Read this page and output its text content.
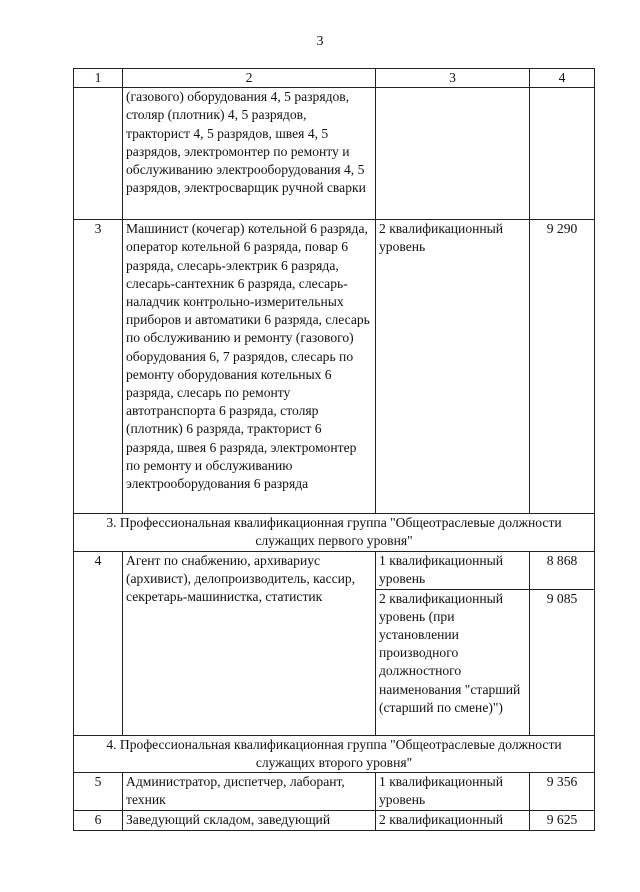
3
1	2	3	4
	(газового) оборудования 4, 5 разрядов, столяр (плотник) 4, 5 разрядов, тракторист 4, 5 разрядов, швея 4, 5 разрядов, электромонтер по ремонту и обслуживанию электрооборудования 4, 5 разрядов, электросварщик ручной сварки		
3	Машинист (кочегар) котельной 6 разряда, оператор котельной 6 разряда, повар 6 разряда, слесарь-электрик 6 разряда, слесарь-сантехник 6 разряда, слесарь-наладчик контрольно-измерительных приборов и автоматики 6 разряда, слесарь по обслуживанию и ремонту (газового) оборудования 6, 7 разрядов, слесарь по ремонту оборудования котельных 6 разряда, слесарь по ремонту автотранспорта 6 разряда, столяр (плотник) 6 разряда, тракторист 6 разряда, швея 6 разряда, электромонтер по ремонту и обслуживанию электрооборудования 6 разряда	2 квалификационный уровень	9 290
3. Профессиональная квалификационная группа "Общеотраслевые должности служащих первого уровня"			
4	Агент по снабжению, архивариус (архивист), делопроизводитель, кассир, секретарь-машинистка, статистик	1 квалификационный уровень	8 868
		2 квалификационный уровень (при установлении производного должностного наименования "старший (старший по смене)")	9 085
4. Профессиональная квалификационная группа "Общеотраслевые должности служащих второго уровня"			
5	Администратор, диспетчер, лаборант, техник	1 квалификационный уровень	9 356
6	Заведующий складом, заведующий	2 квалификационный	9 625
